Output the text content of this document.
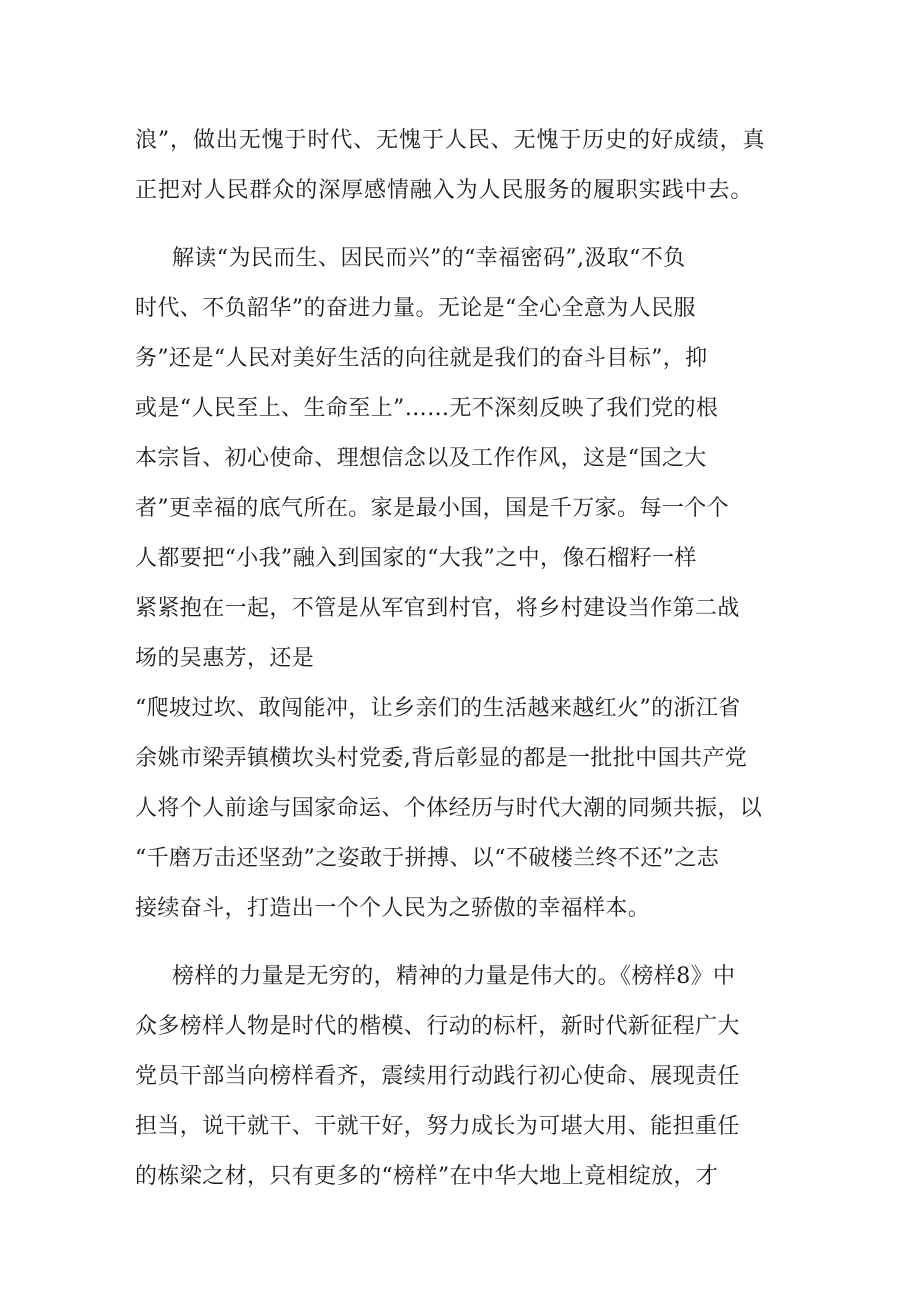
浪”，做出无愧于时代、无愧于人民、无愧于历史的好成绩，真

正把对人民群众的深厚感情融入为人民服务的履职实践中去。

解读“为民而生、因民而兴”的“幸福密码”,汲取“不负

时代、不负韶华”的奋进力量。无论是“全心全意为人民服

务”还是“人民对美好生活的向往就是我们的奋斗目标”，抑

或是“人民至上、生命至上”……无不深刻反映了我们党的根

本宗旨、初心使命、理想信念以及工作作风，这是“国之大

者”更幸福的底气所在。家是最小国，国是千万家。每一个个

人都要把“小我”融入到国家的“大我”之中，像石榴籽一样

紧紧抱在一起，不管是从军官到村官，将乡村建设当作第二战

场的吴惠芳，还是

“爬坡过坎、敢闯能冲，让乡亲们的生活越来越红火”的浙江省

余姚市梁弄镇横坎头村党委,背后彰显的都是一批批中国共产党

人将个人前途与国家命运、个体经历与时代大潮的同频共振，以

“千磨万击还坚劲”之姿敢于拼搏、以“不破楼兰终不还”之志

接续奋斗，打造出一个个人民为之骄傲的幸福样本。

榜样的力量是无穷的，精神的力量是伟大的。《榜样8》中

众多榜样人物是时代的楷模、行动的标杆，新时代新征程广大

党员干部当向榜样看齐，震续用行动践行初心使命、展现责任

担当，说干就干、干就干好，努力成长为可堪大用、能担重任

的栋梁之材，只有更多的“榜样”在中华大地上竟相绽放，才
